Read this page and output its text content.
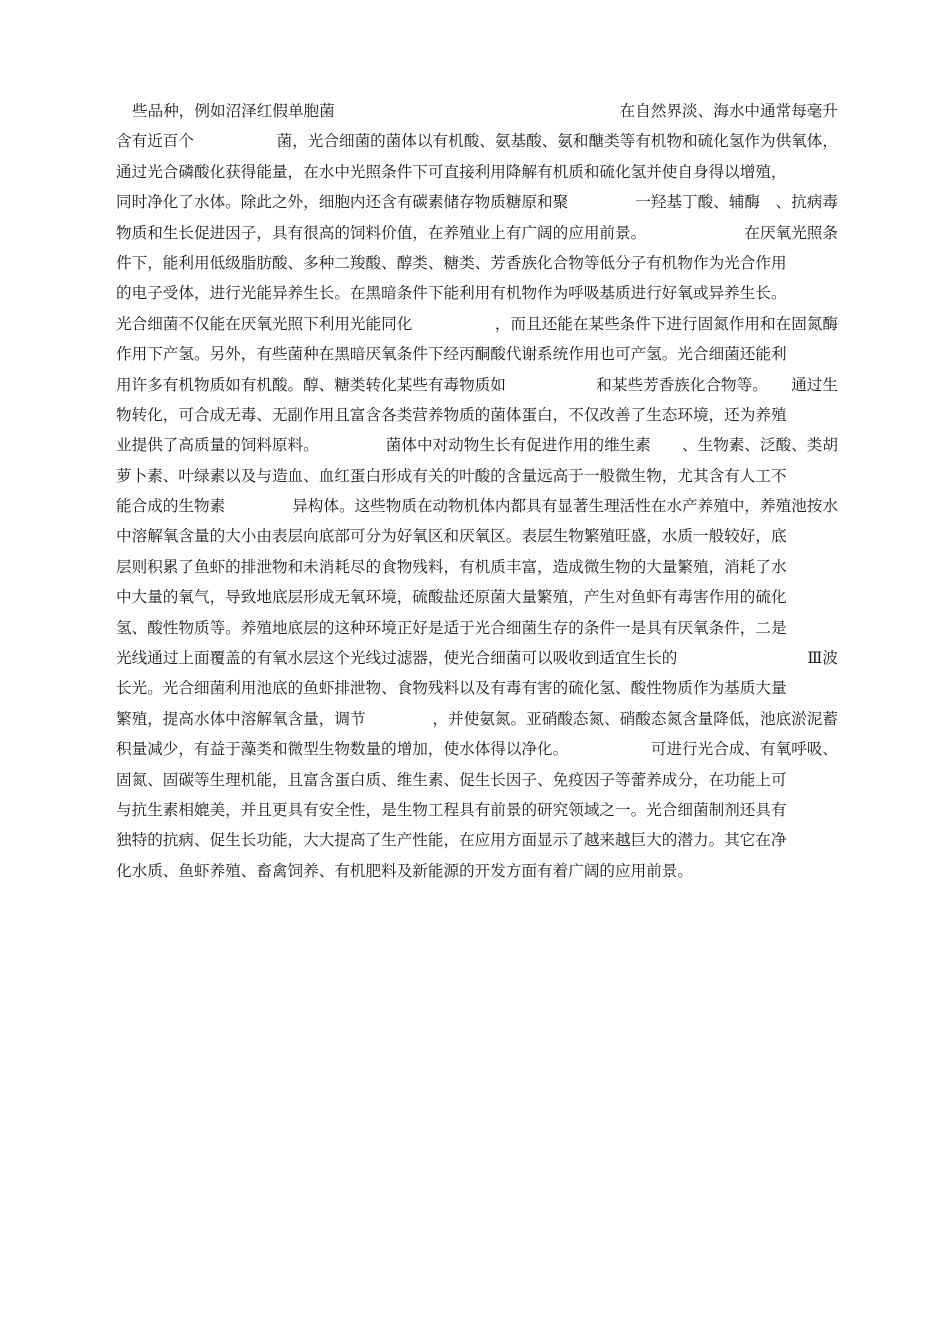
些品种，例如沼泽红假单胞菌	在自然界淡、海水中通常每毫升
含有近百个	菌，光合细菌的菌体以有机酸、氨基酸、氨和醣类等有机物和硫化氢作为供氧体，
通过光合磷酸化获得能量，在水中光照条件下可直接利用降解有机质和硫化氢并使自身得以增殖，
同时净化了水体。除此之外，细胞内还含有碳素储存物质糖原和聚	一羟基丁酸、辅酶　、抗病毒
物质和生长促进因子，具有很高的饲料价值，在养殖业上有广阔的应用前景。	在厌氧光照条
件下，能利用低级脂肪酸、多种二羧酸、醇类、糖类、芳香族化合物等低分子有机物作为光合作用
的电子受体，进行光能异养生长。在黑暗条件下能利用有机物作为呼吸基质进行好氧或异养生长。
光合细菌不仅能在厌氧光照下利用光能同化	，而且还能在某些条件下进行固氮作用和在固氮酶
作用下产氢。另外，有些菌种在黑暗厌氧条件下经丙酮酸代谢系统作用也可产氢。光合细菌还能利
用许多有机物质如有机酸。醇、糖类转化某些有毒物质如	和某些芳香族化合物等。　　通过生
物转化，可合成无毒、无副作用且富含各类营养物质的菌体蛋白，不仅改善了生态环境，还为养殖
业提供了高质量的饲料原料。	菌体中对动物生长有促进作用的维生素　　、生物素、泛酸、类胡
萝卜素、叶绿素以及与造血、血红蛋白形成有关的叶酸的含量远高于一般微生物，尤其含有人工不
能合成的生物素	异构体。这些物质在动物机体内都具有显著生理活性在水产养殖中，养殖池按水
中溶解氧含量的大小由表层向底部可分为好氧区和厌氧区。表层生物繁殖旺盛，水质一般较好，底
层则积累了鱼虾的排泄物和未消耗尽的食物残料，有机质丰富，造成微生物的大量繁殖，消耗了水
中大量的氧气，导致地底层形成无氧环境，硫酸盐还原菌大量繁殖，产生对鱼虾有毒害作用的硫化
氢、酸性物质等。养殖地底层的这种环境正好是适于光合细菌生存的条件一是具有厌氧条件，二是
光线通过上面覆盖的有氧水层这个光线过滤器，使光合细菌可以吸收到适宜生长的	Ⅲ波
长光。光合细菌利用池底的鱼虾排泄物、食物残料以及有毒有害的硫化氢、酸性物质作为基质大量
繁殖，提高水体中溶解氧含量，调节	，并使氨氮。亚硝酸态氮、硝酸态氮含量降低，池底淤泥蓄
积量减少，有益于藻类和微型生物数量的增加，使水体得以净化。	可进行光合成、有氧呼吸、
固氮、固碳等生理机能，且富含蛋白质、维生素、促生长因子、免疫因子等蕾养成分，在功能上可
与抗生素相媲美，并且更具有安全性，是生物工程具有前景的研究领域之一。光合细菌制剂还具有
独特的抗病、促生长功能，大大提高了生产性能，在应用方面显示了越来越巨大的潜力。其它在净
化水质、鱼虾养殖、畜禽饲养、有机肥料及新能源的开发方面有着广阔的应用前景。
